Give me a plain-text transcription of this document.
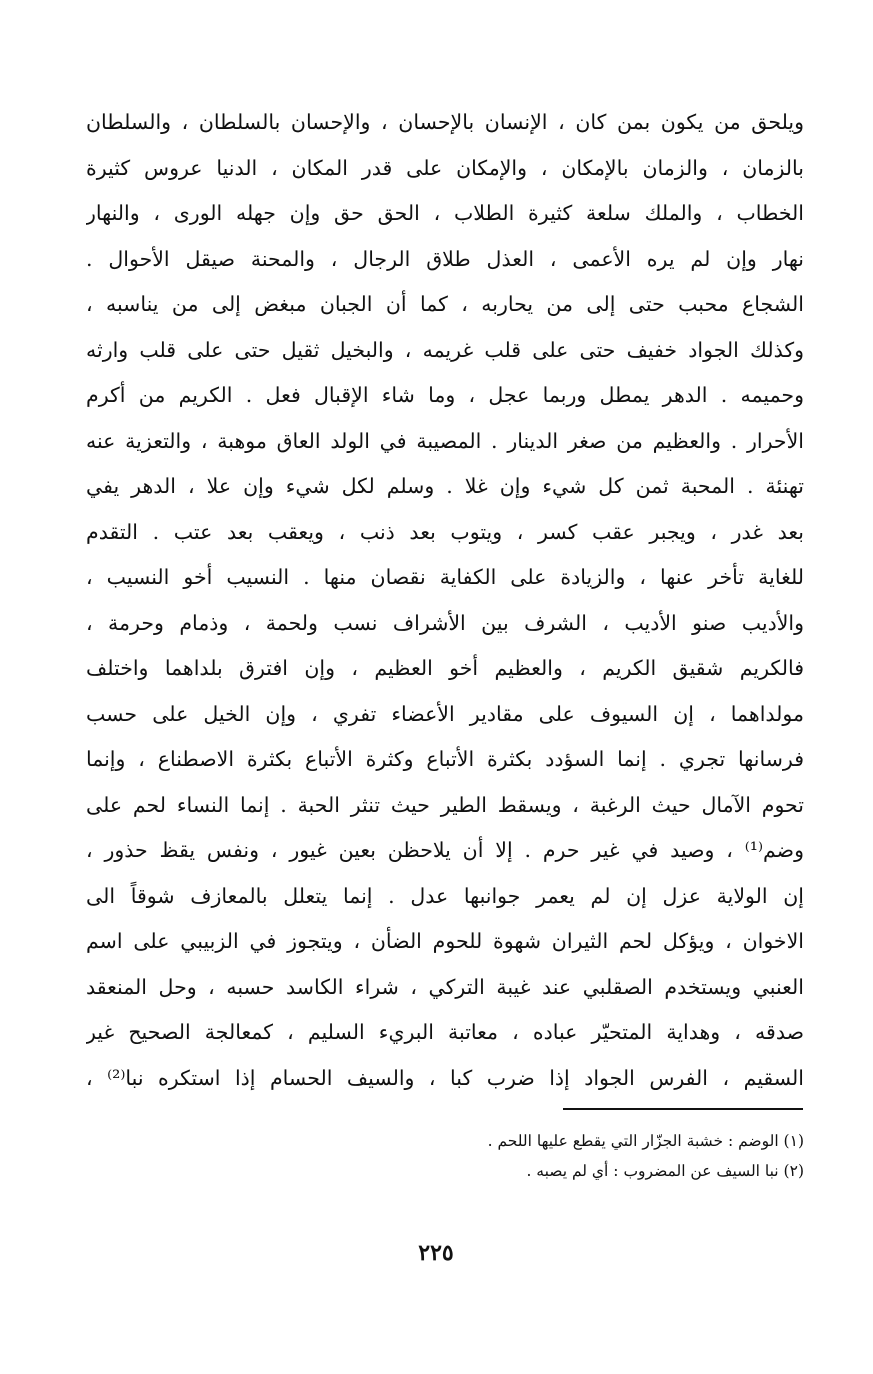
ويلحق من يكون بمن كان ، الإنسان بالإحسان ، والإحسان بالسلطان ، والسلطان
بالزمان ، والزمان بالإمكان ، والإمكان على قدر المكان ، الدنيا عروس كثيرة
الخطاب ، والملك سلعة كثيرة الطلاب ، الحق حق وإن جهله الورى ، والنهار
نهار وإن لم يره الأعمى ، العذل طلاق الرجال ، والمحنة صيقل الأحوال .
الشجاع محبب حتى إلى من يحاربه ، كما أن الجبان مبغض إلى من يناسبه ،
وكذلك الجواد خفيف حتى على قلب غريمه ، والبخيل ثقيل حتى على قلب وارثه
وحميمه . الدهر يمطل وربما عجل ، وما شاء الإقبال فعل . الكريم من أكرم
الأحرار . والعظيم من صغر الدينار . المصيبة في الولد العاق موهبة ، والتعزية عنه
تهنئة . المحبة ثمن كل شيء وإن غلا . وسلم لكل شيء وإن علا ، الدهر يفي
بعد غدر ، ويجبر عقب كسر ، ويتوب بعد ذنب ، ويعقب بعد عتب . التقدم
للغاية تأخر عنها ، والزيادة على الكفاية نقصان منها . النسيب أخو النسيب ،
والأديب صنو الأديب ، الشرف بين الأشراف نسب ولحمة ، وذمام وحرمة ،
فالكريم شقيق الكريم ، والعظيم أخو العظيم ، وإن افترق بلداهما واختلف
مولداهما ، إن السيوف على مقادير الأعضاء تفري ، وإن الخيل على حسب
فرسانها تجري . إنما السؤدد بكثرة الأتباع وكثرة الأتباع بكثرة الاصطناع ، وإنما
تحوم الآمال حيث الرغبة ، ويسقط الطير حيث تنثر الحبة . إنما النساء لحم على
وضم⁽¹⁾ ، وصيد في غير حرم . إلا أن يلاحظن بعين غيور ، ونفس يقظ حذور ،
إن الولاية عزل إن لم يعمر جوانبها عدل . إنما يتعلل بالمعازف شوقاً الى
الاخوان ، ويؤكل لحم الثيران شهوة للحوم الضأن ، ويتجوز في الزبيبي على اسم
العنبي ويستخدم الصقلبي عند غيبة التركي ، شراء الكاسد حسبه ، وحل المنعقد
صدقه ، وهداية المتحيّر عباده ، معاتبة البريء السليم ، كمعالجة الصحيح غير
السقيم ، الفرس الجواد إذا ضرب كبا ، والسيف الحسام إذا استكره نبا⁽²⁾ ،
(١) الوضم : خشبة الجزّار التي يقطع عليها اللحم .
(٢) نبا السيف عن المضروب : أي لم يصبه .
٢٢٥
